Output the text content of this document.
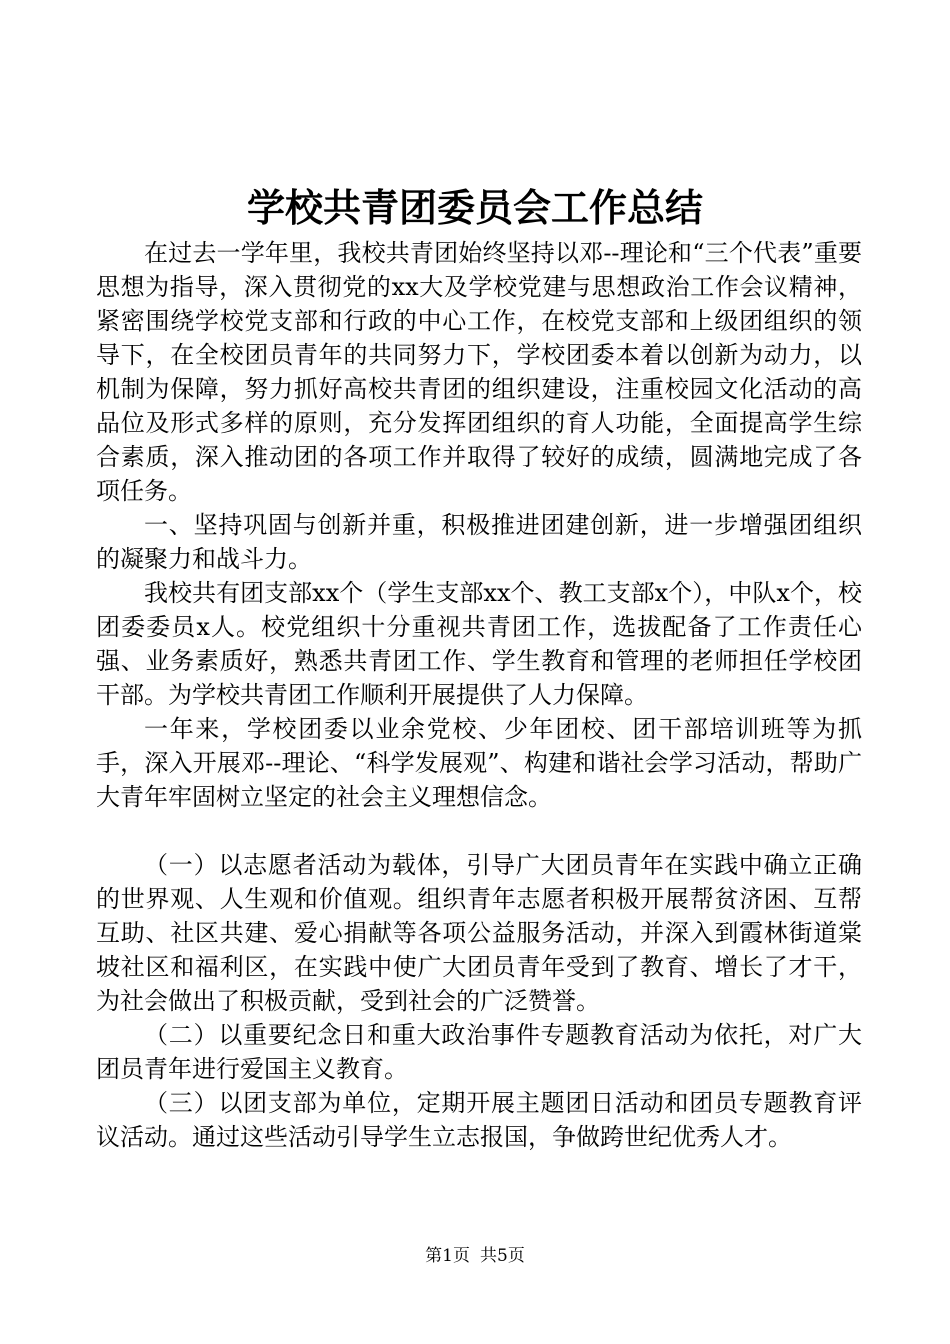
学校共青团委员会工作总结

在过去一学年里，我校共青团始终坚持以邓--理论和“三个代表”重要思想为指导，深入贯彻党的xx大及学校党建与思想政治工作会议精神，紧密围绕学校党支部和行政的中心工作，在校党支部和上级团组织的领导下，在全校团员青年的共同努力下，学校团委本着以创新为动力，以机制为保障，努力抓好高校共青团的组织建设，注重校园文化活动的高品位及形式多样的原则，充分发挥团组织的育人功能，全面提高学生综合素质，深入推动团的各项工作并取得了较好的成绩，圆满地完成了各项任务。

一、坚持巩固与创新并重，积极推进团建创新，进一步增强团组织的凝聚力和战斗力。

我校共有团支部xx个（学生支部xx个、教工支部x个），中队x个，校团委委员x人。校党组织十分重视共青团工作，选拔配备了工作责任心强、业务素质好，熟悉共青团工作、学生教育和管理的老师担任学校团干部。为学校共青团工作顺利开展提供了人力保障。

一年来，学校团委以业余党校、少年团校、团干部培训班等为抓手，深入开展邓--理论、“科学发展观”、构建和谐社会学习活动，帮助广大青年牢固树立坚定的社会主义理想信念。

（一）以志愿者活动为载体，引导广大团员青年在实践中确立正确的世界观、人生观和价值观。组织青年志愿者积极开展帮贫济困、互帮互助、社区共建、爱心捐献等各项公益服务活动，并深入到霞林街道棠坡社区和福利区，在实践中使广大团员青年受到了教育、增长了才干，为社会做出了积极贡献，受到社会的广泛赞誉。

（二）以重要纪念日和重大政治事件专题教育活动为依托，对广大团员青年进行爱国主义教育。

（三）以团支部为单位，定期开展主题团日活动和团员专题教育评议活动。通过这些活动引导学生立志报国，争做跨世纪优秀人才。

第1页 共5页
